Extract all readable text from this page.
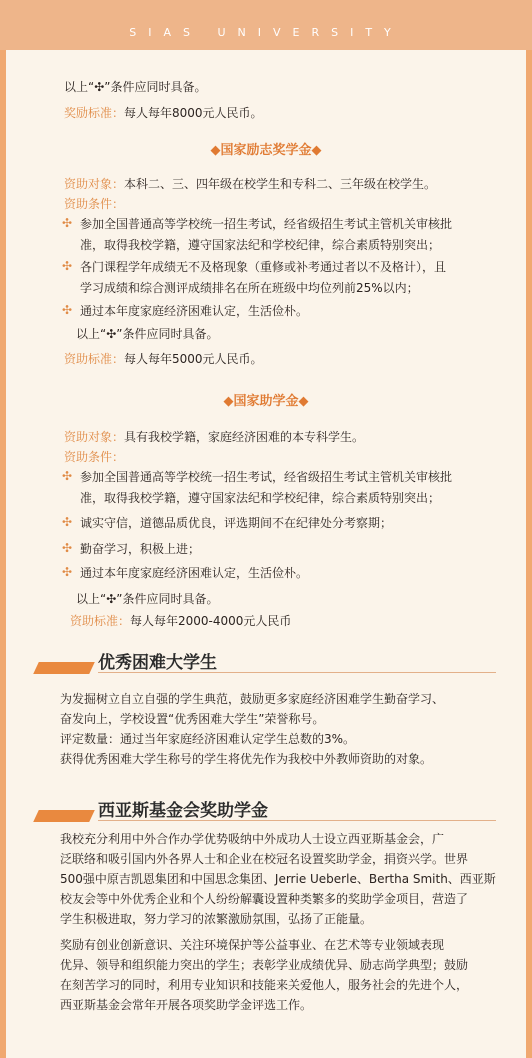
SIAS UNIVERSITY
以上“✣”条件应同时具备。
奖励标准：每人每年8000元人民币。
◆国家励志奖学金◆
资助对象：本科二、三、四年级在校学生和专科二、三年级在校学生。
资助条件：
✣ 参加全国普通高等学校统一招生考试，经省级招生考试主管机关审核批
准，取得我校学籍，遵守国家法纪和学校纪律，综合素质特别突出；
✣ 各门课程学年成绩无不及格现象（重修或补考通过者以不及格计），且
学习成绩和综合测评成绩排名在所在班级中均位列前25%以内；
✣ 通过本年度家庭经济困难认定，生活俭朴。
以上“✣”条件应同时具备。
资助标准：每人每年5000元人民币。
◆国家助学金◆
资助对象：具有我校学籍，家庭经济困难的本专科学生。
资助条件：
✣ 参加全国普通高等学校统一招生考试，经省级招生考试主管机关审核批
准，取得我校学籍，遵守国家法纪和学校纪律，综合素质特别突出；
✣ 诚实守信，道德品质优良，评选期间不在纪律处分考察期；
✣ 勤奋学习，积极上进；
✣ 通过本年度家庭经济困难认定，生活俭朴。
以上“✣”条件应同时具备。
资助标准：每人每年2000-4000元人民币
优秀困难大学生
为发掘树立自立自强的学生典范，鼓励更多家庭经济困难学生勤奋学习、
奋发向上，学校设置“优秀困难大学生”荣誉称号。
评定数量：通过当年家庭经济困难认定学生总数的3%。
获得优秀困难大学生称号的学生将优先作为我校中外教师资助的对象。
西亚斯基金会奖助学金
我校充分利用中外合作办学优势吸纳中外成功人士设立西亚斯基金会，广
泛联络和吸引国内外各界人士和企业在校冠名设置奖助学金，捐资兴学。世界
500强中原吉凯恩集团和中国思念集团、Jerrie Ueberle、Bertha Smith、西亚斯
校友会等中外优秀企业和个人纷纷解囊设置种类繁多的奖助学金项目，营造了
学生积极进取，努力学习的浓繁激励氛围，弘扬了正能量。
奖励有创业创新意识、关注环境保护等公益事业、在艺术等专业领域表现
优异、领导和组织能力突出的学生；表彰学业成绩优异、励志尚学典型；鼓励
在刻苦学习的同时，利用专业知识和技能来关爱他人，服务社会的先进个人，
西亚斯基金会常年开展各项奖助学金评选工作。
